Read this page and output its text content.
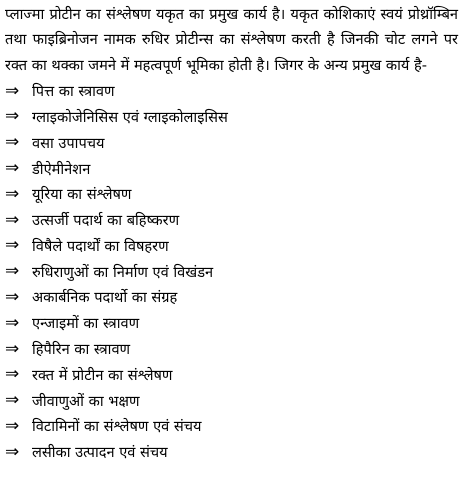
प्लाज्मा प्रोटीन का संश्लेषण यकृत का प्रमुख कार्य है। यकृत कोशिकाएं स्वयं प्रोथ्रॉम्बिन तथा फाइब्रिनोजन नामक रुधिर प्रोटीन्स का संश्लेषण करती है जिनकी चोट लगने पर रक्त का थक्का जमने में महत्वपूर्ण भूमिका होती है। जिगर के अन्य प्रमुख कार्य है-

⇒ पित्त का स्त्रावण
⇒ ग्लाइकोजेनिसिस एवं ग्लाइकोलाइसिस
⇒ वसा उपापचय
⇒ डीऐमीनेशन
⇒ यूरिया का संश्लेषण
⇒ उत्सर्जी पदार्थ का बहिष्करण
⇒ विषैले पदार्थों का विषहरण
⇒ रुधिराणुओं का निर्माण एवं विखंडन
⇒ अकार्बनिक पदार्थो का संग्रह
⇒ एन्जाइमों का स्त्रावण
⇒ हिपैरिन का स्त्रावण
⇒ रक्त में प्रोटीन का संश्लेषण
⇒ जीवाणुओं का भक्षण
⇒ विटामिनों का संश्लेषण एवं संचय
⇒ लसीका उत्पादन एवं संचय
